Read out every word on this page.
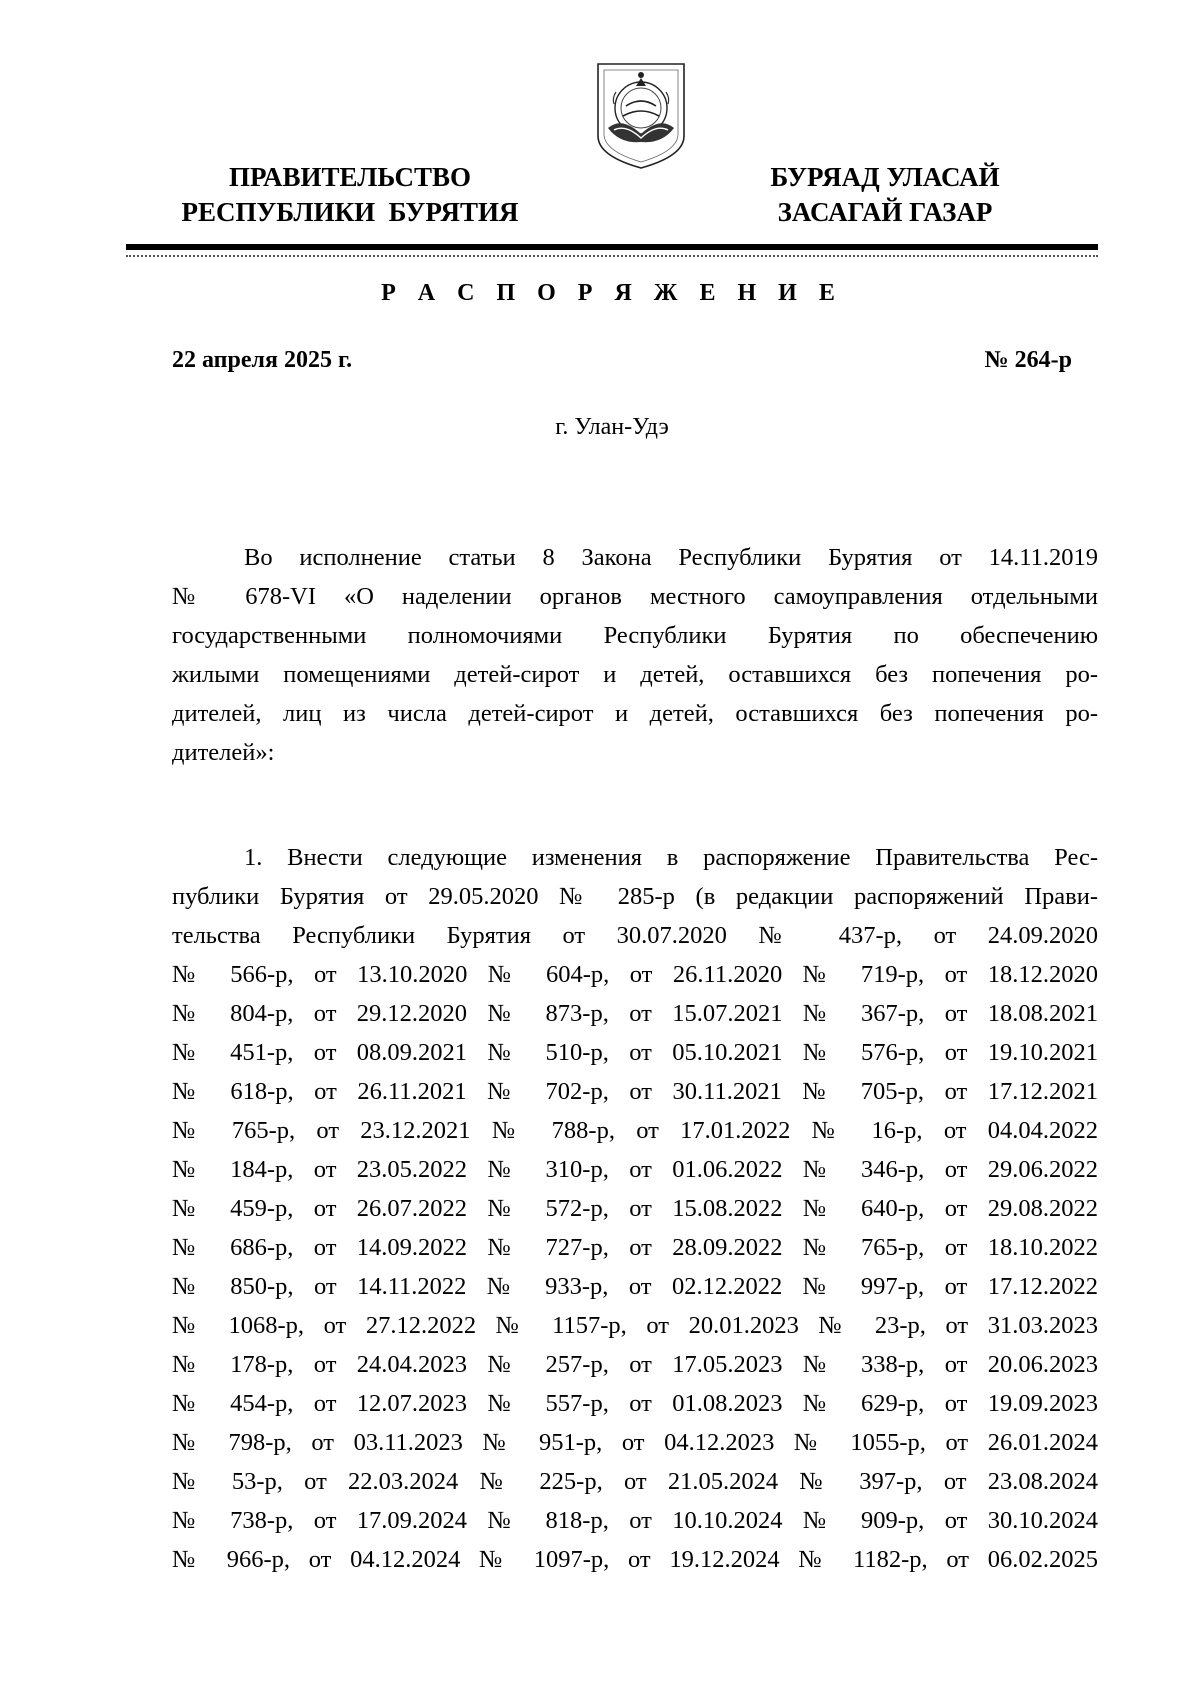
ПРАВИТЕЛЬСТВО
РЕСПУБЛИКИ  БУРЯТИЯ
БУРЯАД УЛАСАЙ
ЗАСАГАЙ ГАЗАР
Р А С П О Р Я Ж Е Н И Е
22 апреля 2025 г.	№ 264-р
г. Улан-Удэ
Во исполнение статьи 8 Закона Республики Бурятия от 14.11.2019
№ 678-VI «О наделении органов местного самоуправления отдельными
государственными полномочиями Республики Бурятия по обеспечению
жилыми помещениями детей-сирот и детей, оставшихся без попечения ро-
дителей, лиц из числа детей-сирот и детей, оставшихся без попечения ро-
дителей»:
1. Внести следующие изменения в распоряжение Правительства Рес-
публики Бурятия от 29.05.2020 № 285-р (в редакции распоряжений Прави-
тельства Республики Бурятия от 30.07.2020 № 437-р, от 24.09.2020
№ 566-р, от 13.10.2020 № 604-р, от 26.11.2020 № 719-р, от 18.12.2020
№ 804-р, от 29.12.2020 № 873-р, от 15.07.2021 № 367-р, от 18.08.2021
№ 451-р, от 08.09.2021 № 510-р, от 05.10.2021 № 576-р, от 19.10.2021
№ 618-р, от 26.11.2021 № 702-р, от 30.11.2021 № 705-р, от 17.12.2021
№ 765-р, от 23.12.2021 № 788-р, от 17.01.2022 № 16-р, от 04.04.2022
№ 184-р, от 23.05.2022 № 310-р, от 01.06.2022 № 346-р, от 29.06.2022
№ 459-р, от 26.07.2022 № 572-р, от 15.08.2022 № 640-р, от 29.08.2022
№ 686-р, от 14.09.2022 № 727-р, от 28.09.2022 № 765-р, от 18.10.2022
№ 850-р, от 14.11.2022 № 933-р, от 02.12.2022 № 997-р, от 17.12.2022
№ 1068-р, от 27.12.2022 № 1157-р, от 20.01.2023 № 23-р, от 31.03.2023
№ 178-р, от 24.04.2023 № 257-р, от 17.05.2023 № 338-р, от 20.06.2023
№ 454-р, от 12.07.2023 № 557-р, от 01.08.2023 № 629-р, от 19.09.2023
№ 798-р, от 03.11.2023 № 951-р, от 04.12.2023 № 1055-р, от 26.01.2024
№ 53-р, от 22.03.2024 № 225-р, от 21.05.2024 № 397-р, от 23.08.2024
№ 738-р, от 17.09.2024 № 818-р, от 10.10.2024 № 909-р, от 30.10.2024
№ 966-р, от 04.12.2024 № 1097-р, от 19.12.2024 № 1182-р, от 06.02.2025
